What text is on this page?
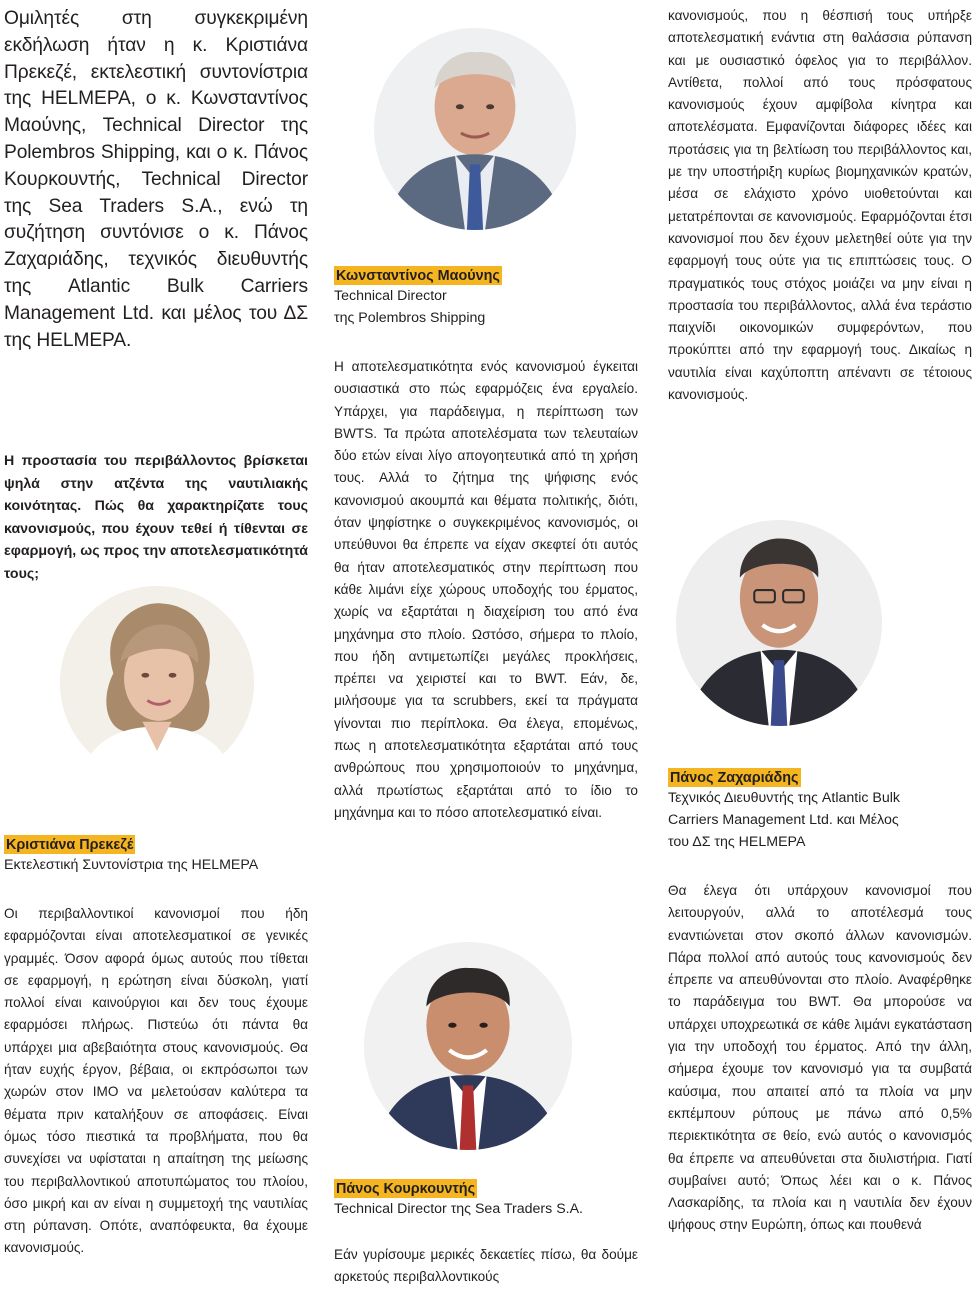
Ομιλητές στη συγκεκριμένη εκδήλωση ήταν η κ. Κριστιάνα Πρεκεζέ, εκτελεστική συντονίστρια της HELMEPA, ο κ. Κωνσταντίνος Μαούνης, Technical Director της Polembros Shipping, και ο κ. Πάνος Κουρκουντής, Technical Director της Sea Traders S.A., ενώ τη συζήτηση συντόνισε ο κ. Πάνος Ζαχαριάδης, τεχνικός διευθυντής της Atlantic Bulk Carriers Management Ltd. και μέλος του ΔΣ της HELMEPA.

Η προστασία του περιβάλλοντος βρίσκεται ψηλά στην ατζέντα της ναυτιλιακής κοινότητας. Πώς θα χαρακτηρίζατε τους κανονισμούς, που έχουν τεθεί ή τίθενται σε εφαρμογή, ως προς την αποτελεσματικότητά τους;

Κριστιάνα Πρεκεζέ
Εκτελεστική Συντονίστρια της HELMEPA

Οι περιβαλλοντικοί κανονισμοί που ήδη εφαρμόζονται είναι αποτελεσματικοί σε γενικές γραμμές. Όσον αφορά όμως αυτούς που τίθεται σε εφαρμογή, η ερώτηση είναι δύσκολη, γιατί πολλοί είναι καινούργιοι και δεν τους έχουμε εφαρμόσει πλήρως. Πιστεύω ότι πάντα θα υπάρχει μια αβεβαιότητα στους κανονισμούς. Θα ήταν ευχής έργον, βέβαια, οι εκπρόσωποι των χωρών στον ΙΜΟ να μελετούσαν καλύτερα τα θέματα πριν καταλήξουν σε αποφάσεις. Είναι όμως τόσο πιεστικά τα προβλήματα, που θα συνεχίσει να υφίσταται η απαίτηση της μείωσης του περιβαλλοντικού αποτυπώματος του πλοίου, όσο μικρή και αν είναι η συμμετοχή της ναυτιλίας στη ρύπανση. Οπότε, αναπόφευκτα, θα έχουμε κανονισμούς.

Κωνσταντίνος Μαούνης
Technical Director
της Polembros Shipping

Η αποτελεσματικότητα ενός κανονισμού έγκειται ουσιαστικά στο πώς εφαρμόζεις ένα εργαλείο. Υπάρχει, για παράδειγμα, η περίπτωση των BWTS. Τα πρώτα αποτελέσματα των τελευταίων δύο ετών είναι λίγο απογοητευτικά από τη χρήση τους. Αλλά το ζήτημα της ψήφισης ενός κανονισμού ακουμπά και θέματα πολιτικής, διότι, όταν ψηφίστηκε ο συγκεκριμένος κανονισμός, οι υπεύθυνοι θα έπρεπε να είχαν σκεφτεί ότι αυτός θα ήταν αποτελεσματικός στην περίπτωση που κάθε λιμάνι είχε χώρους υποδοχής του έρματος, χωρίς να εξαρτάται η διαχείριση του από ένα μηχάνημα στο πλοίο. Ωστόσο, σήμερα το πλοίο, που ήδη αντιμετωπίζει μεγάλες προκλήσεις, πρέπει να χειριστεί και το BWT. Εάν, δε, μιλήσουμε για τα scrubbers, εκεί τα πράγματα γίνονται πιο περίπλοκα. Θα έλεγα, επομένως, πως η αποτελεσματικότητα εξαρτάται από τους ανθρώπους που χρησιμοποιούν το μηχάνημα, αλλά πρωτίστως εξαρτάται από το ίδιο το μηχάνημα και το πόσο αποτελεσματικό είναι.

Πάνος Κουρκουντής
Technical Director της Sea Traders S.A.

Εάν γυρίσουμε μερικές δεκαετίες πίσω, θα δούμε αρκετούς περιβαλλοντικούς

κανονισμούς, που η θέσπισή τους υπήρξε αποτελεσματική ενάντια στη θαλάσσια ρύπανση και με ουσιαστικό όφελος για το περιβάλλον. Αντίθετα, πολλοί από τους πρόσφατους κανονισμούς έχουν αμφίβολα κίνητρα και αποτελέσματα. Εμφανίζονται διάφορες ιδέες και προτάσεις για τη βελτίωση του περιβάλλοντος και, με την υποστήριξη κυρίως βιομηχανικών κρατών, μέσα σε ελάχιστο χρόνο υιοθετούνται και μετατρέπονται σε κανονισμούς. Εφαρμόζονται έτσι κανονισμοί που δεν έχουν μελετηθεί ούτε για την εφαρμογή τους ούτε για τις επιπτώσεις τους. Ο πραγματικός τους στόχος μοιάζει να μην είναι η προστασία του περιβάλλοντος, αλλά ένα τεράστιο παιχνίδι οικονομικών συμφερόντων, που προκύπτει από την εφαρμογή τους. Δικαίως η ναυτιλία είναι καχύποπτη απέναντι σε τέτοιους κανονισμούς.

Πάνος Ζαχαριάδης
Τεχνικός Διευθυντής της Atlantic Bulk
Carriers Management Ltd. και Μέλος
του ΔΣ της HELMEPA

Θα έλεγα ότι υπάρχουν κανονισμοί που λειτουργούν, αλλά το αποτέλεσμά τους εναντιώνεται στον σκοπό άλλων κανονισμών. Πάρα πολλοί από αυτούς τους κανονισμούς δεν έπρεπε να απευθύνονται στο πλοίο. Αναφέρθηκε το παράδειγμα του BWT. Θα μπορούσε να υπάρχει υποχρεωτικά σε κάθε λιμάνι εγκατάσταση για την υποδοχή του έρματος. Από την άλλη, σήμερα έχουμε τον κανονισμό για τα συμβατά καύσιμα, που απαιτεί από τα πλοία να μην εκπέμπουν ρύπους με πάνω από 0,5% περιεκτικότητα σε θείο, ενώ αυτός ο κανονισμός θα έπρεπε να απευθύνεται στα διυλιστήρια. Γιατί συμβαίνει αυτό; Όπως λέει και ο κ. Πάνος Λασκαρίδης, τα πλοία και η ναυτιλία δεν έχουν ψήφους στην Ευρώπη, όπως και πουθενά
